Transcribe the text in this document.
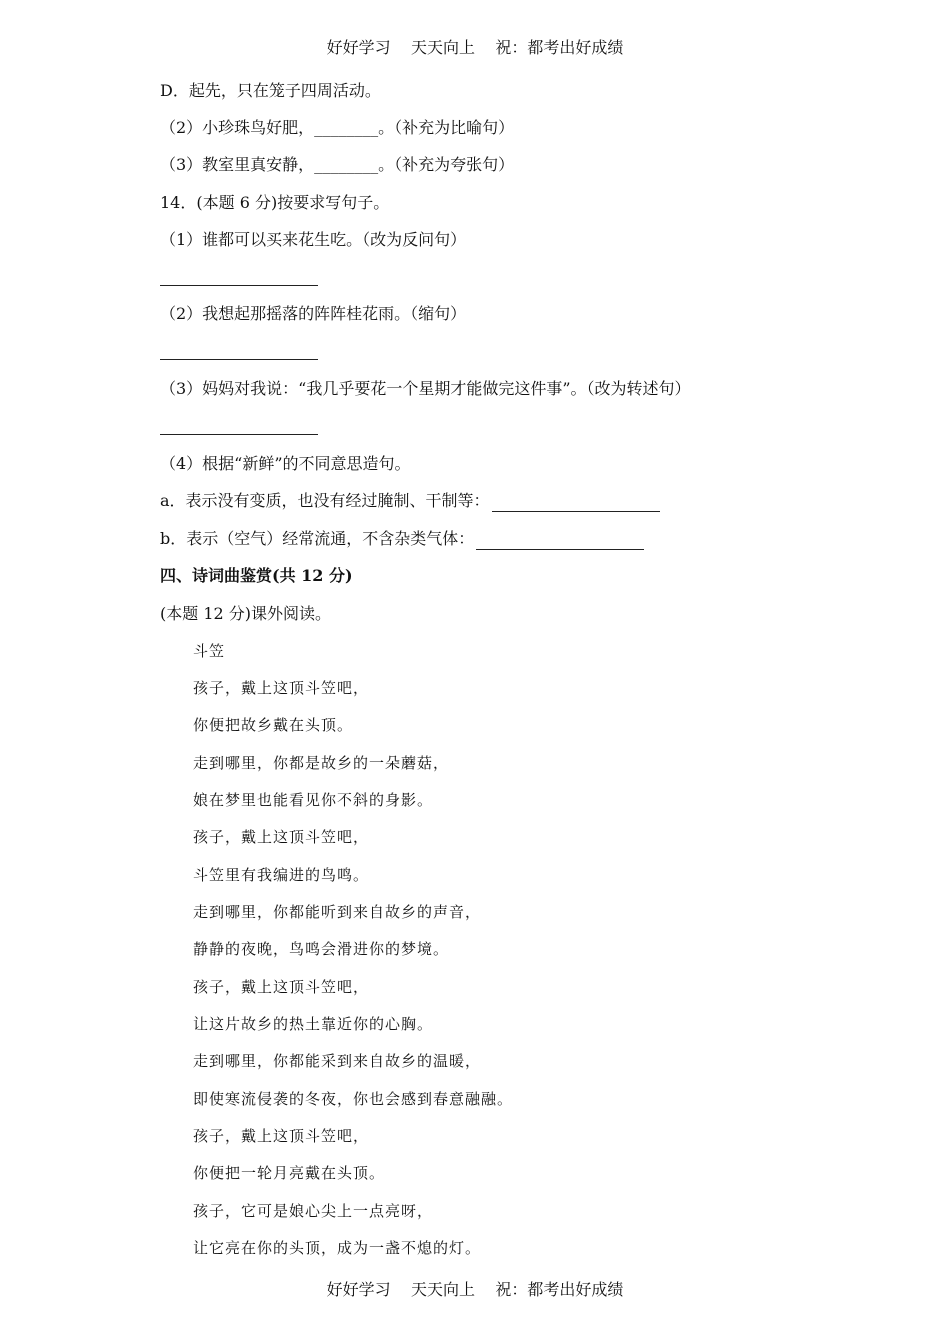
好好学习    天天向上    祝：都考出好成绩
D．起先，只在笼子四周活动。
（2）小珍珠鸟好肥，________。（补充为比喻句）
（3）教室里真安静，________。（补充为夸张句）
14．(本题 6 分)按要求写句子。
（1）谁都可以买来花生吃。（改为反问句）
（2）我想起那摇落的阵阵桂花雨。（缩句）
（3）妈妈对我说：“我几乎要花一个星期才能做完这件事”。（改为转述句）
（4）根据“新鲜”的不同意思造句。
a．表示没有变质，也没有经过腌制、干制等：
b．表示（空气）经常流通，不含杂类气体：
四、诗词曲鉴赏(共 12 分)
(本题 12 分)课外阅读。
斗笠
孩子，戴上这顶斗笠吧，
你便把故乡戴在头顶。
走到哪里，你都是故乡的一朵蘑菇，
娘在梦里也能看见你不斜的身影。
孩子，戴上这顶斗笠吧，
斗笠里有我编进的鸟鸣。
走到哪里，你都能听到来自故乡的声音，
静静的夜晚，鸟鸣会滑进你的梦境。
孩子，戴上这顶斗笠吧，
让这片故乡的热土靠近你的心胸。
走到哪里，你都能采到来自故乡的温暖，
即使寒流侵袭的冬夜，你也会感到春意融融。
孩子，戴上这顶斗笠吧，
你便把一轮月亮戴在头顶。
孩子，它可是娘心尖上一点亮呀，
让它亮在你的头顶，成为一盏不熄的灯。
好好学习    天天向上    祝：都考出好成绩
